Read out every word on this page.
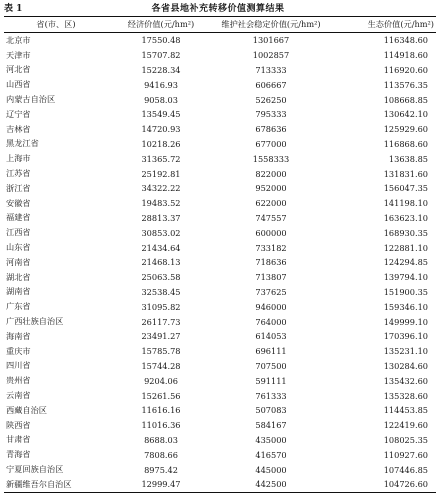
表 1	各省县地补充转移价值测算结果
省(市、区)	经济价值(元/hm²)	维护社会稳定价值(元/hm²)	生态价值(元/hm²)
北京市	17550.48	1301667	116348.60
天津市	15707.82	1002857	114918.60
河北省	15228.34	713333	116920.60
山西省	9416.93	606667	113576.35
内蒙古自治区	9058.03	526250	108668.85
辽宁省	13549.45	795333	130642.10
吉林省	14720.93	678636	125929.60
黑龙江省	10218.26	677000	116868.60
上海市	31365.72	1558333	13638.85
江苏省	25192.81	822000	131831.60
浙江省	34322.22	952000	156047.35
安徽省	19483.52	622000	141198.10
福建省	28813.37	747557	163623.10
江西省	30853.02	600000	168930.35
山东省	21434.64	733182	122881.10
河南省	21468.13	718636	124294.85
湖北省	25063.58	713807	139794.10
湖南省	32538.45	737625	151900.35
广东省	31095.82	946000	159346.10
广西壮族自治区	26117.73	764000	149999.10
海南省	23491.27	614053	170396.10
重庆市	15785.78	696111	135231.10
四川省	15744.28	707500	130284.60
贵州省	9204.06	591111	135432.60
云南省	15261.56	761333	135328.60
西藏自治区	11616.16	507083	114453.85
陕西省	11016.36	584167	122419.60
甘肃省	8688.03	435000	108025.35
青海省	7808.66	416570	110927.60
宁夏回族自治区	8975.42	445000	107446.85
新疆维吾尔自治区	12999.47	442500	104726.60
